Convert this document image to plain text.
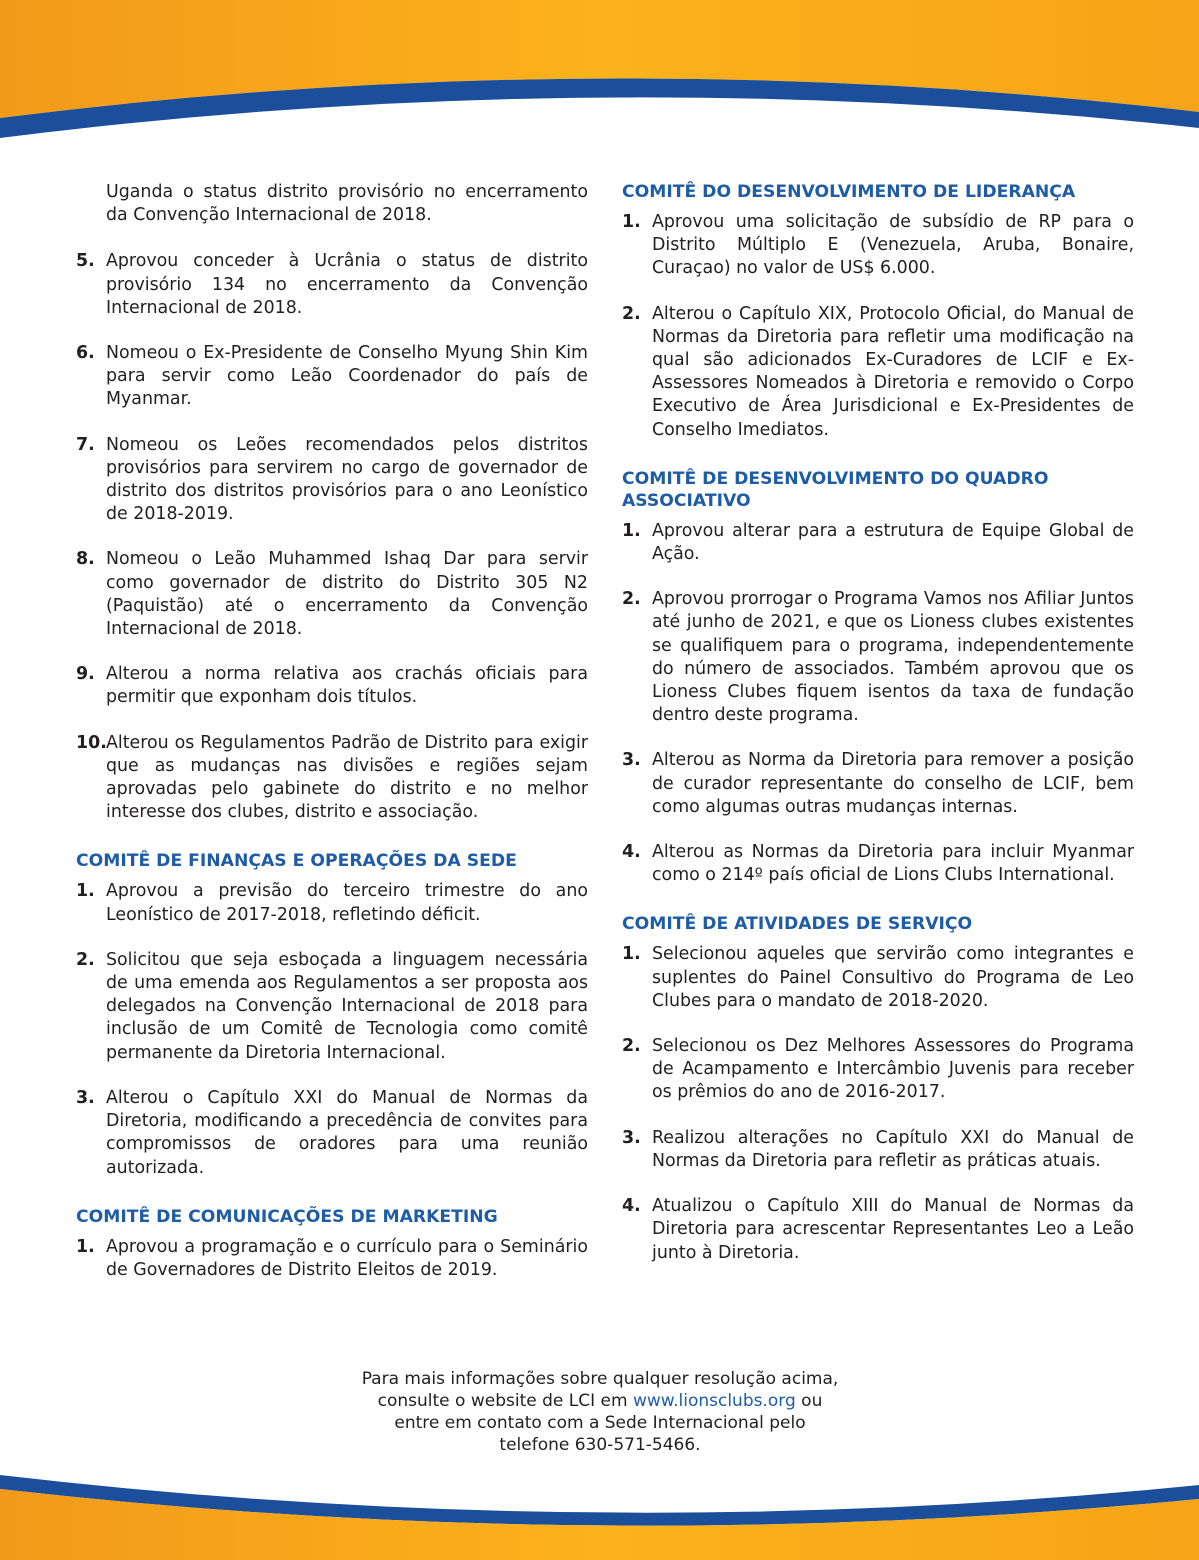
Uganda o status distrito provisório no encerramento da Convenção Internacional de 2018.
5. Aprovou conceder à Ucrânia o status de distrito provisório 134 no encerramento da Convenção Internacional de 2018.
6. Nomeou o Ex-Presidente de Conselho Myung Shin Kim para servir como Leão Coordenador do país de Myanmar.
7. Nomeou os Leões recomendados pelos distritos provisórios para servirem no cargo de governador de distrito dos distritos provisórios para o ano Leonístico de 2018-2019.
8. Nomeou o Leão Muhammed Ishaq Dar para servir como governador de distrito do Distrito 305 N2 (Paquistão) até o encerramento da Convenção Internacional de 2018.
9. Alterou a norma relativa aos crachás oficiais para permitir que exponham dois títulos.
10. Alterou os Regulamentos Padrão de Distrito para exigir que as mudanças nas divisões e regiões sejam aprovadas pelo gabinete do distrito e no melhor interesse dos clubes, distrito e associação.
COMITÊ DE FINANÇAS E OPERAÇÕES DA SEDE
1. Aprovou a previsão do terceiro trimestre do ano Leonístico de 2017-2018, refletindo déficit.
2. Solicitou que seja esboçada a linguagem necessária de uma emenda aos Regulamentos a ser proposta aos delegados na Convenção Internacional de 2018 para inclusão de um Comitê de Tecnologia como comitê permanente da Diretoria Internacional.
3. Alterou o Capítulo XXI do Manual de Normas da Diretoria, modificando a precedência de convites para compromissos de oradores para uma reunião autorizada.
COMITÊ DE COMUNICAÇÕES DE MARKETING
1. Aprovou a programação e o currículo para o Seminário de Governadores de Distrito Eleitos de 2019.
COMITÊ DO DESENVOLVIMENTO DE LIDERANÇA
1. Aprovou uma solicitação de subsídio de RP para o Distrito Múltiplo E (Venezuela, Aruba, Bonaire, Curaçao) no valor de US$ 6.000.
2. Alterou o Capítulo XIX, Protocolo Oficial, do Manual de Normas da Diretoria para refletir uma modificação na qual são adicionados Ex-Curadores de LCIF e Ex-Assessores Nomeados à Diretoria e removido o Corpo Executivo de Área Jurisdicional e Ex-Presidentes de Conselho Imediatos.
COMITÊ DE DESENVOLVIMENTO DO QUADRO ASSOCIATIVO
1. Aprovou alterar para a estrutura de Equipe Global de Ação.
2. Aprovou prorrogar o Programa Vamos nos Afiliar Juntos até junho de 2021, e que os Lioness clubes existentes se qualifiquem para o programa, independentemente do número de associados. Também aprovou que os Lioness Clubes fiquem isentos da taxa de fundação dentro deste programa.
3. Alterou as Norma da Diretoria para remover a posição de curador representante do conselho de LCIF, bem como algumas outras mudanças internas.
4. Alterou as Normas da Diretoria para incluir Myanmar como o 214º país oficial de Lions Clubs International.
COMITÊ DE ATIVIDADES DE SERVIÇO
1. Selecionou aqueles que servirão como integrantes e suplentes do Painel Consultivo do Programa de Leo Clubes para o mandato de 2018-2020.
2. Selecionou os Dez Melhores Assessores do Programa de Acampamento e Intercâmbio Juvenis para receber os prêmios do ano de 2016-2017.
3. Realizou alterações no Capítulo XXI do Manual de Normas da Diretoria para refletir as práticas atuais.
4. Atualizou o Capítulo XIII do Manual de Normas da Diretoria para acrescentar Representantes Leo a Leão junto à Diretoria.
Para mais informações sobre qualquer resolução acima,
consulte o website de LCI em www.lionsclubs.org ou
entre em contato com a Sede Internacional pelo
telefone 630-571-5466.
